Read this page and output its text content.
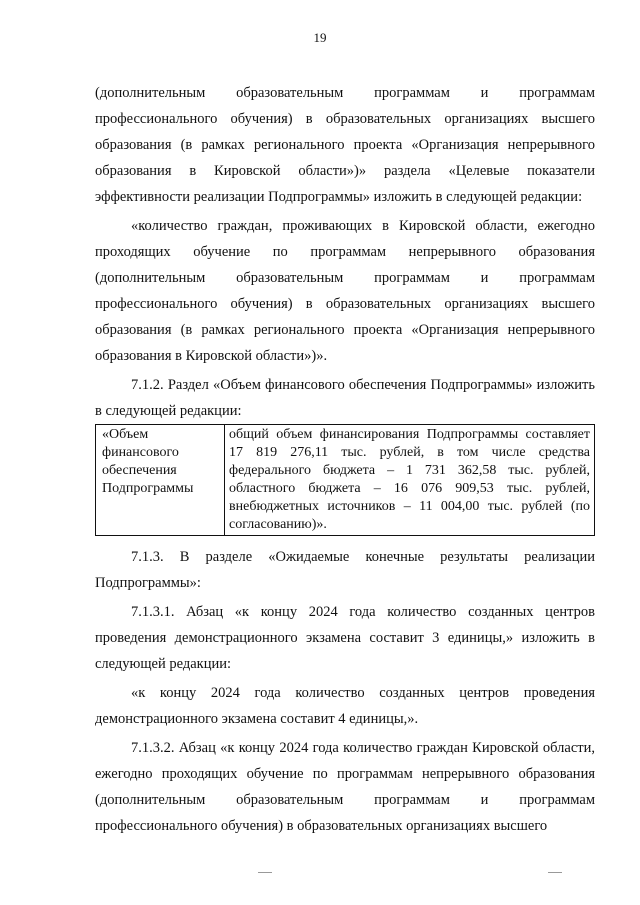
19

(дополнительным образовательным программам и программам профессионального обучения) в образовательных организациях высшего образования (в рамках регионального проекта «Организация непрерывного образования в Кировской области»)» раздела «Целевые показатели эффективности реализации Подпрограммы» изложить в следующей редакции:

«количество граждан, проживающих в Кировской области, ежегодно проходящих обучение по программам непрерывного образования (дополнительным образовательным программам и программам профессионального обучения) в образовательных организациях высшего образования (в рамках регионального проекта «Организация непрерывного образования в Кировской области»)».

7.1.2. Раздел «Объем финансового обеспечения Подпрограммы» изложить в следующей редакции:

«Объем финансового обеспечения Подпрограммы	общий объем финансирования Подпрограммы составляет 17 819 276,11 тыс. рублей, в том числе средства федерального бюджета – 1 731 362,58 тыс. рублей, областного бюджета – 16 076 909,53 тыс. рублей, внебюджетных источников – 11 004,00 тыс. рублей (по согласованию)».

7.1.3. В разделе «Ожидаемые конечные результаты реализации Подпрограммы»:

7.1.3.1. Абзац «к концу 2024 года количество созданных центров проведения демонстрационного экзамена составит 3 единицы,» изложить в следующей редакции:

«к концу 2024 года количество созданных центров проведения демонстрационного экзамена составит 4 единицы,».

7.1.3.2. Абзац «к концу 2024 года количество граждан Кировской области, ежегодно проходящих обучение по программам непрерывного образования (дополнительным образовательным программам и программам профессионального обучения) в образовательных организациях высшего
